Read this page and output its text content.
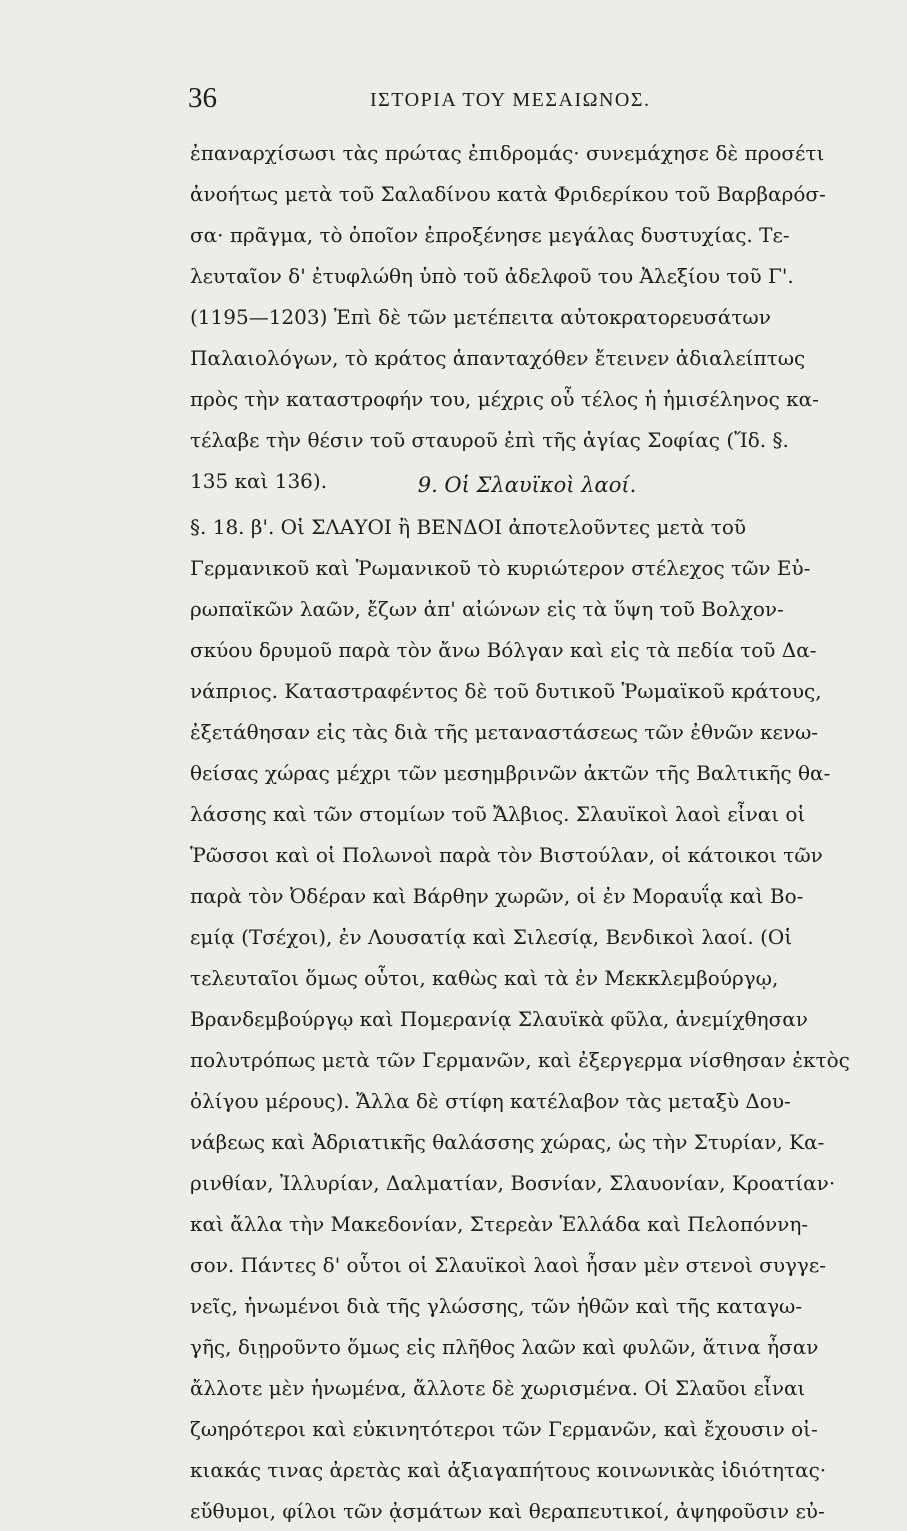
36	ΙΣΤΟΡΙΑ ΤΟΥ ΜΕΣΑΙΩΝΟΣ.
ἐπαναρχίσωσι τὰς πρώτας ἐπιδρομάς· συνεμάχησε δὲ προσέτι
ἀνοήτως μετὰ τοῦ Σαλαδίνου κατὰ Φριδερίκου τοῦ Βαρβαρόσ-
σα· πρᾶγμα, τὸ ὁποῖον ἐπροξένησε μεγάλας δυστυχίας. Τε-
λευταῖον δ' ἐτυφλώθη ὑπὸ τοῦ ἀδελφοῦ του Ἀλεξίου τοῦ Γ'.
(1195—1203) Ἐπὶ δὲ τῶν μετέπειτα αὐτοκρατορευσάτων
Παλαιολόγων, τὸ κράτος ἁπανταχόθεν ἔτεινεν ἀδιαλείπτως
πρὸς τὴν καταστροφήν του, μέχρις οὗ τέλος ἡ ἡμισέληνος κα-
τέλαβε τὴν θέσιν τοῦ σταυροῦ ἐπὶ τῆς ἁγίας Σοφίας (Ἴδ. §.
135 καὶ 136).	9. Οἱ Σλαυϊκοὶ λαοί.
§. 18. β'. Οἱ ΣΛΑΥΟΙ ἢ ΒΕΝΔΟΙ ἀποτελοῦντες μετὰ τοῦ
Γερμανικοῦ καὶ Ῥωμανικοῦ τὸ κυριώτερον στέλεχος τῶν Εὐ-
ρωπαϊκῶν λαῶν, ἔζων ἀπ' αἰώνων εἰς τὰ ὕψη τοῦ Βολχον-
σκύου δρυμοῦ παρὰ τὸν ἄνω Βόλγαν καὶ εἰς τὰ πεδία τοῦ Δα-
νάπριος. Καταστραφέντος δὲ τοῦ δυτικοῦ Ῥωμαϊκοῦ κράτους,
ἐξετάθησαν εἰς τὰς διὰ τῆς μεταναστάσεως τῶν ἐθνῶν κενω-
θείσας χώρας μέχρι τῶν μεσημβρινῶν ἀκτῶν τῆς Βαλτικῆς θα-
λάσσης καὶ τῶν στομίων τοῦ Ἄλβιος. Σλαυϊκοὶ λαοὶ εἶναι οἱ
Ῥῶσσοι καὶ οἱ Πολωνοὶ παρὰ τὸν Βιστούλαν, οἱ κάτοικοι τῶν
παρὰ τὸν Ὀδέραν καὶ Βάρθην χωρῶν, οἱ ἐν Μοραυΐᾳ καὶ Βο-
εμίᾳ (Τσέχοι), ἐν Λουσατίᾳ καὶ Σιλεσίᾳ, Βενδικοὶ λαοί. (Οἱ
τελευταῖοι ὅμως οὗτοι, καθὼς καὶ τὰ ἐν Μεκκλεμβούργῳ,
Βρανδεμβούργῳ καὶ Πομερανίᾳ Σλαυϊκὰ φῦλα, ἀνεμίχθησαν
πολυτρόπως μετὰ τῶν Γερμανῶν, καὶ ἐξεργερμα νίσθησαν ἐκτὸς
ὀλίγου μέρους). Ἄλλα δὲ στίφη κατέλαβον τὰς μεταξὺ Δου-
νάβεως καὶ Ἀδριατικῆς θαλάσσης χώρας, ὡς τὴν Στυρίαν, Κα-
ρινθίαν, Ἰλλυρίαν, Δαλματίαν, Βοσνίαν, Σλαυονίαν, Κροατίαν·
καὶ ἄλλα τὴν Μακεδονίαν, Στερεὰν Ἑλλάδα καὶ Πελοπόννη-
σον. Πάντες δ' οὗτοι οἱ Σλαυϊκοὶ λαοὶ ἦσαν μὲν στενοὶ συγγε-
νεῖς, ἡνωμένοι διὰ τῆς γλώσσης, τῶν ἠθῶν καὶ τῆς καταγω-
γῆς, διῃροῦντο ὅμως εἰς πλῆθος λαῶν καὶ φυλῶν, ἅτινα ἦσαν
ἄλλοτε μὲν ἡνωμένα, ἄλλοτε δὲ χωρισμένα. Οἱ Σλαῦοι εἶναι
ζωηρότεροι καὶ εὐκινητότεροι τῶν Γερμανῶν, καὶ ἔχουσιν οἰ-
κιακάς τινας ἀρετὰς καὶ ἀξιαγαπήτους κοινωνικὰς ἰδιότητας·
εὔθυμοι, φίλοι τῶν ᾀσμάτων καὶ θεραπευτικοί, ἀψηφοῦσιν εὐ-
